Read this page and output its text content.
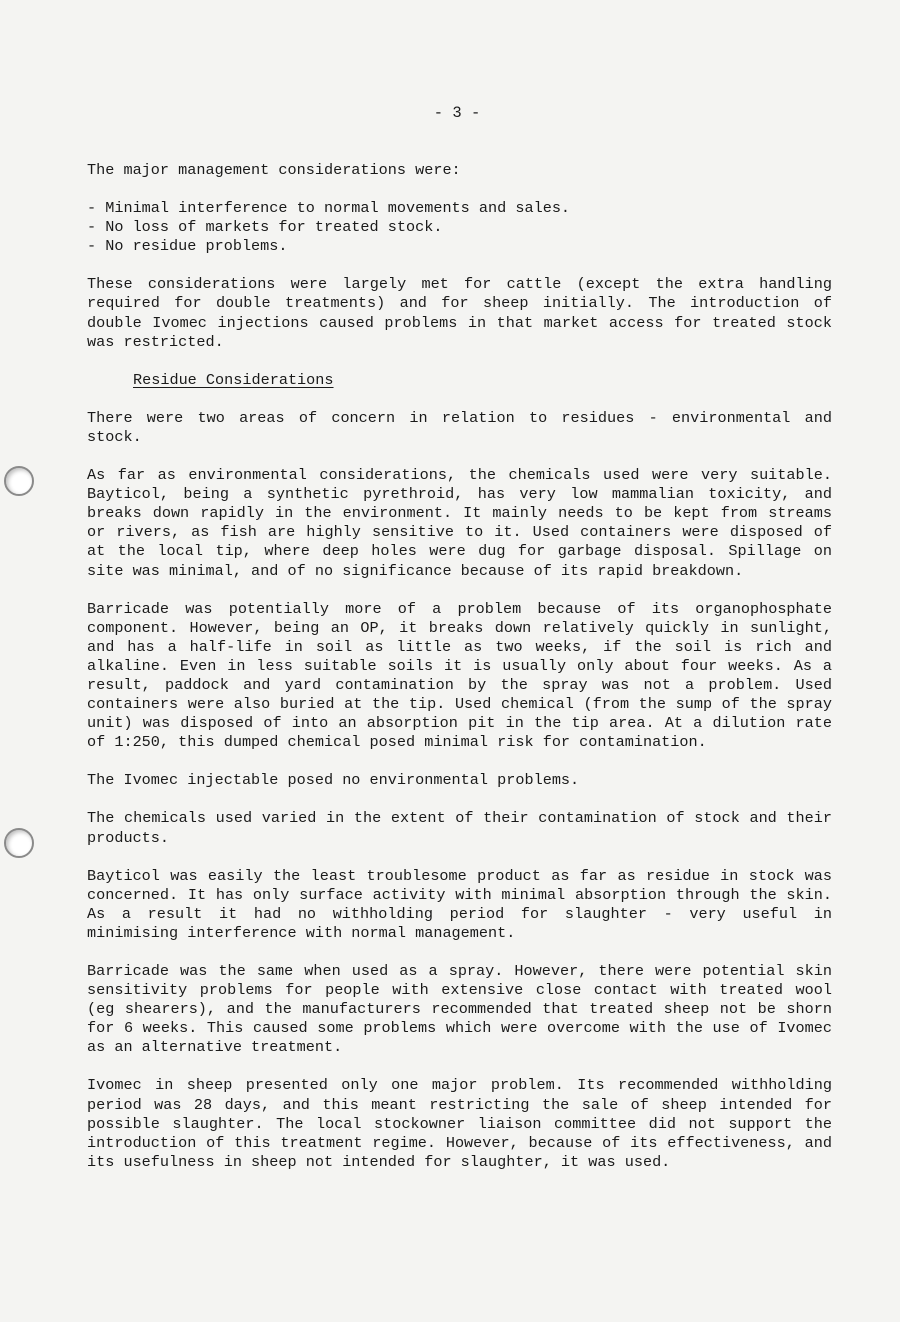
- 3 -

The major management considerations were:

- Minimal interference to normal movements and sales.
- No loss of markets for treated stock.
- No residue problems.

These considerations were largely met for cattle (except the extra handling required for double treatments) and for sheep initially. The introduction of double Ivomec injections caused problems in that market access for treated stock was restricted.

Residue Considerations

There were two areas of concern in relation to residues - environmental and stock.

As far as environmental considerations, the chemicals used were very suitable. Bayticol, being a synthetic pyrethroid, has very low mammalian toxicity, and breaks down rapidly in the environment. It mainly needs to be kept from streams or rivers, as fish are highly sensitive to it. Used containers were disposed of at the local tip, where deep holes were dug for garbage disposal. Spillage on site was minimal, and of no significance because of its rapid breakdown.

Barricade was potentially more of a problem because of its organophosphate component. However, being an OP, it breaks down relatively quickly in sunlight, and has a half-life in soil as little as two weeks, if the soil is rich and alkaline. Even in less suitable soils it is usually only about four weeks. As a result, paddock and yard contamination by the spray was not a problem. Used containers were also buried at the tip. Used chemical (from the sump of the spray unit) was disposed of into an absorption pit in the tip area. At a dilution rate of 1:250, this dumped chemical posed minimal risk for contamination.

The Ivomec injectable posed no environmental problems.

The chemicals used varied in the extent of their contamination of stock and their products.

Bayticol was easily the least troublesome product as far as residue in stock was concerned. It has only surface activity with minimal absorption through the skin. As a result it had no withholding period for slaughter - very useful in minimising interference with normal management.

Barricade was the same when used as a spray. However, there were potential skin sensitivity problems for people with extensive close contact with treated wool (eg shearers), and the manufacturers recommended that treated sheep not be shorn for 6 weeks. This caused some problems which were overcome with the use of Ivomec as an alternative treatment.

Ivomec in sheep presented only one major problem. Its recommended withholding period was 28 days, and this meant restricting the sale of sheep intended for possible slaughter. The local stockowner liaison committee did not support the introduction of this treatment regime. However, because of its effectiveness, and its usefulness in sheep not intended for slaughter, it was used.
